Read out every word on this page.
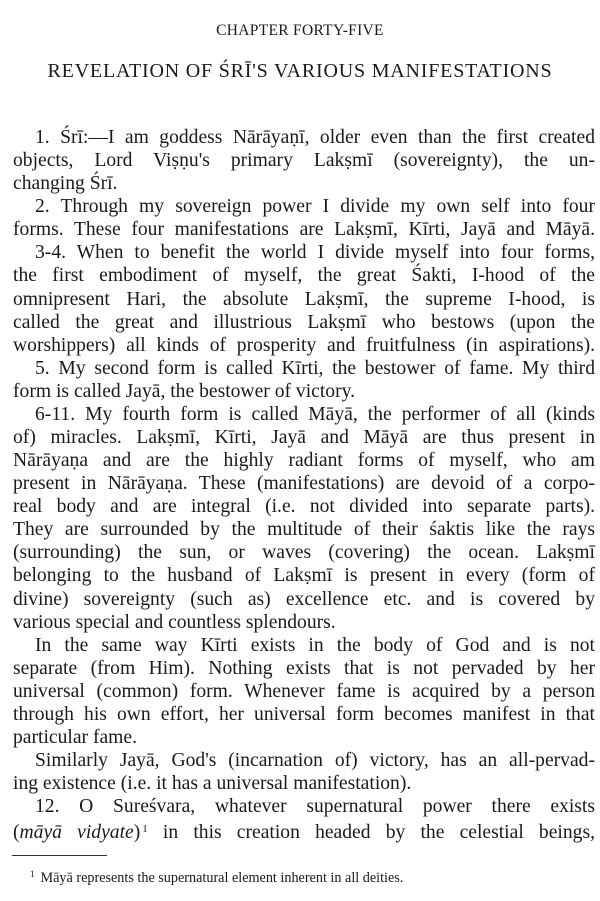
CHAPTER FORTY-FIVE
REVELATION OF ŚRĪ'S VARIOUS MANIFESTATIONS
1. Śrī:—I am goddess Nārāyaṇī, older even than the first created
objects, Lord Viṣṇu's primary Lakṣmī (sovereignty), the un-
changing Śrī.
2. Through my sovereign power I divide my own self into four
forms. These four manifestations are Lakṣmī, Kīrti, Jayā and Māyā.
3-4. When to benefit the world I divide myself into four forms,
the first embodiment of myself, the great Śakti, I-hood of the
omnipresent Hari, the absolute Lakṣmī, the supreme I-hood, is
called the great and illustrious Lakṣmī who bestows (upon the
worshippers) all kinds of prosperity and fruitfulness (in aspirations).
5. My second form is called Kīrti, the bestower of fame. My third
form is called Jayā, the bestower of victory.
6-11. My fourth form is called Māyā, the performer of all (kinds
of) miracles. Lakṣmī, Kīrti, Jayā and Māyā are thus present in
Nārāyaṇa and are the highly radiant forms of myself, who am
present in Nārāyaṇa. These (manifestations) are devoid of a corpo-
real body and are integral (i.e. not divided into separate parts).
They are surrounded by the multitude of their śaktis like the rays
(surrounding) the sun, or waves (covering) the ocean. Lakṣmī
belonging to the husband of Lakṣmī is present in every (form of
divine) sovereignty (such as) excellence etc. and is covered by
various special and countless splendours.
In the same way Kīrti exists in the body of God and is not
separate (from Him). Nothing exists that is not pervaded by her
universal (common) form. Whenever fame is acquired by a person
through his own effort, her universal form becomes manifest in that
particular fame.
Similarly Jayā, God's (incarnation of) victory, has an all-pervad-
ing existence (i.e. it has a universal manifestation).
12. O Sureśvara, whatever supernatural power there exists
(māyā vidyate) $^1$ in this creation headed by the celestial beings,
$^1$ Māyā represents the supernatural element inherent in all deities.
